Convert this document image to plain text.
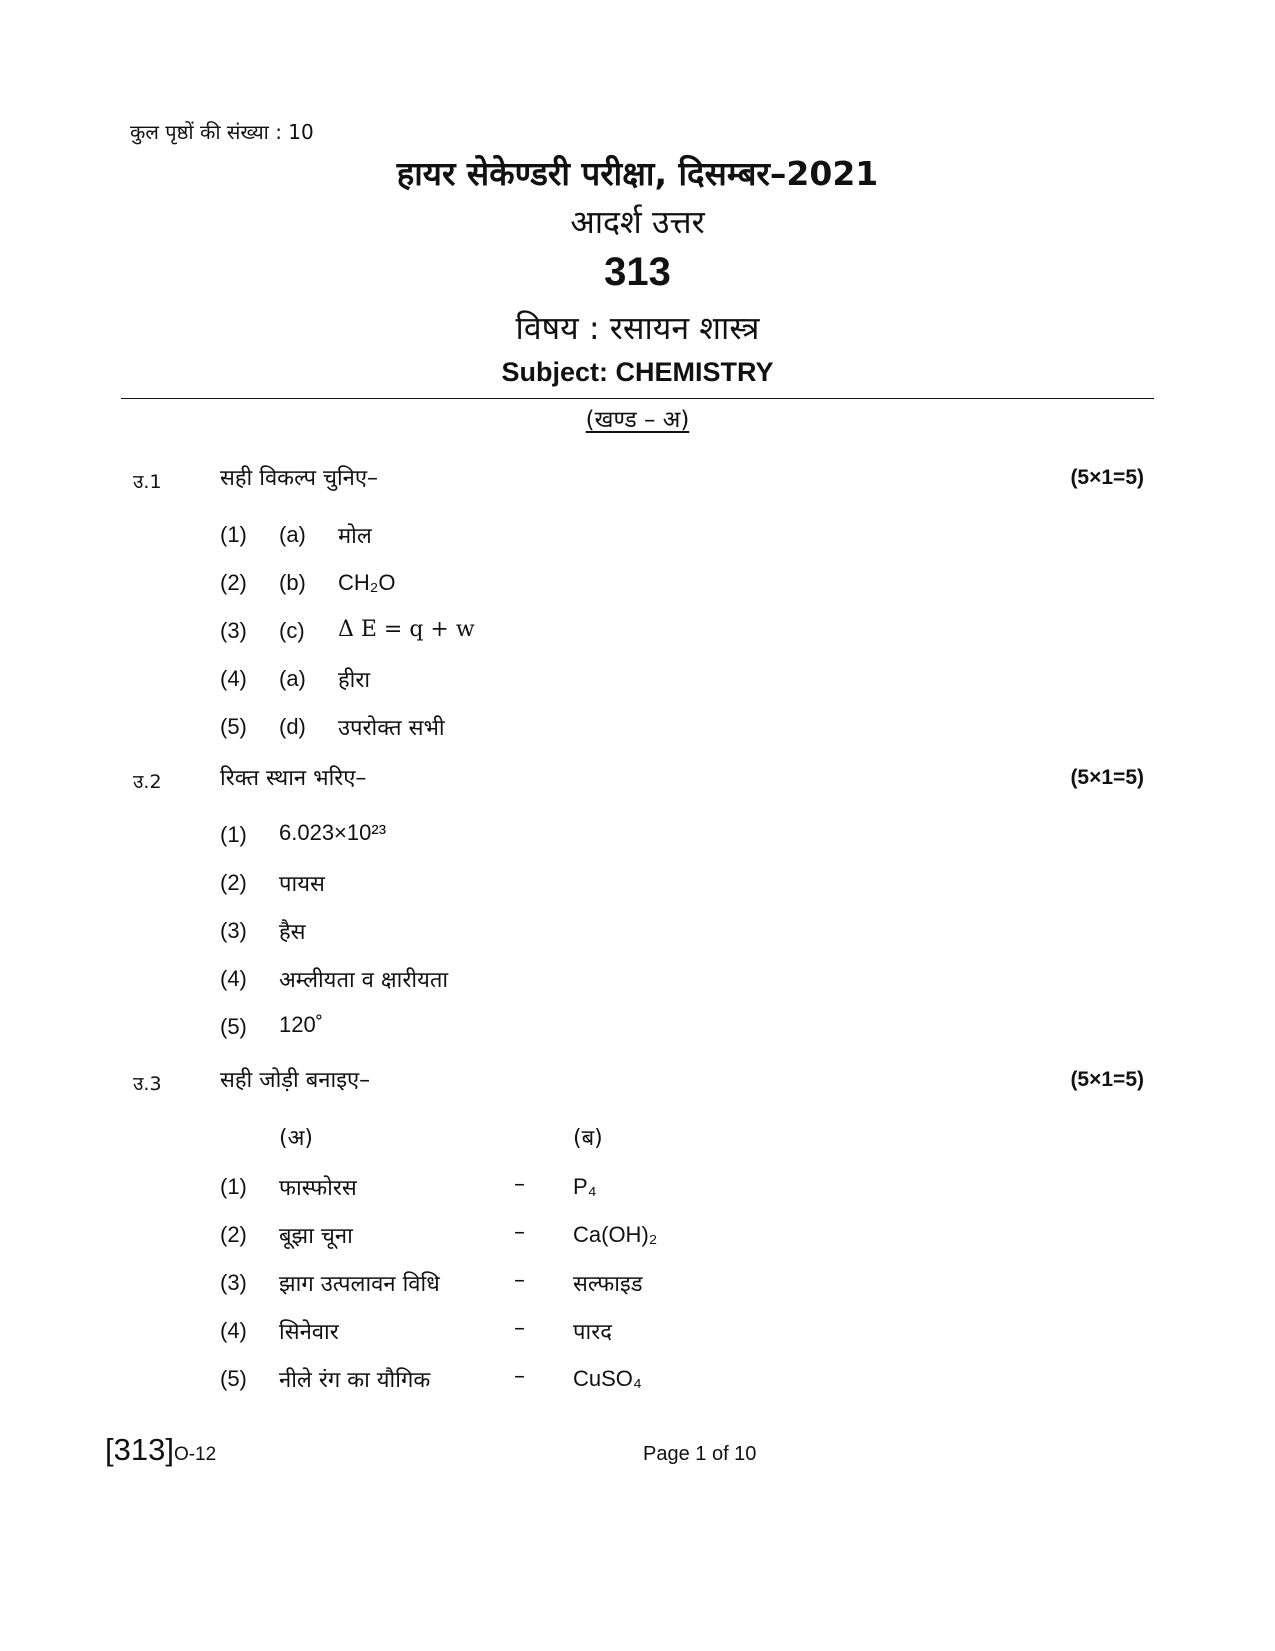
कुल पृष्ठों की संख्या : 10
हायर सेकेण्डरी परीक्षा, दिसम्बर–2021
आदर्श उत्तर
313
विषय : रसायन शास्त्र
Subject: CHEMISTRY
(खण्ड – अ)
उ.1	सही विकल्प चुनिए–	(5×1=5)
(1) (a) मोल
(2) (b) CH₂O
(3) (c) Δ E = q + w
(4) (a) हीरा
(5) (d) उपरोक्त सभी
उ.2	रिक्त स्थान भरिए–	(5×1=5)
(1) 6.023×10²³
(2) पायस
(3) हैस
(4) अम्लीयता व क्षारीयता
(5) 120˚
उ.3	सही जोड़ी बनाइए–	(5×1=5)
(अ)	(ब)
(1) फास्फोरस	– P₄
(2) बूझा चूना	– Ca(OH)₂
(3) झाग उत्पलावन विधि	– सल्फाइड
(4) सिनेवार	– पारद
(5) नीले रंग का यौगिक	– CuSO₄
[313]O-12	Page 1 of 10
